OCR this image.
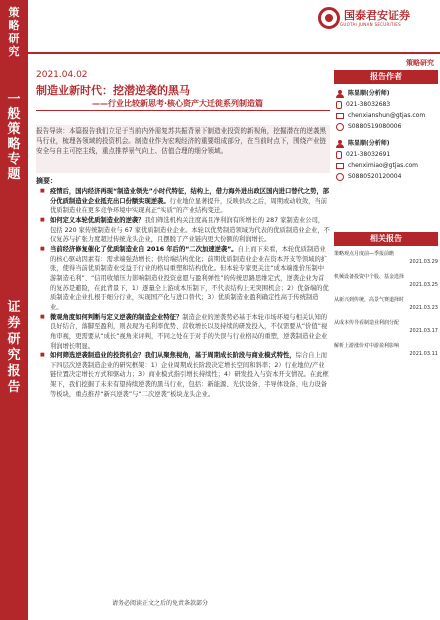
策略研究
一般策略专题
证券研究报告
国泰君安证券
GUOTAI JUNAN SECURITIES
策略研究
2021.04.02
制造业新时代：挖潜逆袭的黑马
——行业比较新思考·核心资产大迁徙系列制造篇
报告导读：本篇报告我们立足于当前内外需复苏共振背景下制造业投资的新视角，挖掘潜在的逆袭黑马行业，梳理各领域的投资机会。制造业作为宏观经济的重要组成部分，在当前时点下，围绕产业链安全与自主可控主线，重点推荐景气向上、估值合理的细分领域。
摘要：
■ 疫情后，国内经济再现“制造业领先”小时代特征，结构上，借力海外进出政区国内进口替代之势，部分优质制造业企业抵充出口份额实现逆袭。行业地位显著提升，反映供改之后，周期或动收敛，当前优质制造业在更多竞争环境中实现真正“实质”的产业结构变迁。
■ 如何定义本轮优质制造业的逆袭？我们筛选机构关注度高且净利润有所增长的 287 家制造业公司，包括 220 家传统制造业与 67 家优质制造业企业。本轮以优势制造领域为代表的优质制造业企业，不仅复苏与扩张力度超过传统龙头企业，且摆脱了产业链内更大份额的利润增长。
■ 当前经济修复催化了优质制造业自 2016 年后的“二次加速逆袭”。自上而下来看，本轮优质制造业的核心驱动因素有：需求端强劲增长；供给端结构优化；前期优质制造业企业在资本开支等领域的扩张，使得当前优质制造业受益于行业的格局重塑和结构优化。但本轮专家更关注“成本端涨价压制中游制造毛利”、“信用收缩压力影响制造业投资意愿与盈利弹性”的传统思路思维定式，逆袭企业为首的复苏是避险，在此背景下，1）逐量全上游成本压制下，不代表结构上无突围机会；2）优备端的优质制造业企业扎根于细分行业，实现国产化与进口替代；3）优质制造业盈利确定性高于传统制造业。
■ 微观角度如何判断与定义逆袭的制造企业特征？制造企业的逆袭势必基于本轮市场环境与相关认知的良好结合，落脚至盈利，则表现为毛利率优势、营收增长以及持续的研发投入，不仅需要从“价值”视角审视，更需要从“成长”视角来评判，不同之处在于对手的失误与行业格局的重塑，逆袭制造业企业利润增长明显。
■ 如何筛选逆袭制造业的投资机会？我们从聚焦视角，基于周期成长阶段与商业模式特性，综合自上而下四层次逆袭制造企业的研究框架：1）企业周期成长阶段决定增长空间和斜率；2）行业地位/产业链位置决定增长方式和驱动力；3）商业模式指引增长持续性；4）研发投入与资本开支情况。在此框架下，我们挖掘了未来有望持续逆袭的黑马行业，包括：新能源、光伏设备、半导体设备、电力设备等板块，重点推荐“新兴逆袭”与“二次逆袭”板块龙头企业。
请务必阅读正文之后的免责条款部分
报告作者
陈显顺(分析师)
021-38032683
chenxianshun@gtjas.com
S0880519080006
陈显顺(分析师)
021-38032691
chenximiao@gtjas.com
S0880520120004
相关报告
策略观点月度前—季报前瞻
2021.03.29
机械设备投资中个股、基金选择
2021.03.25
从新兴到传统，高景气赛道择时
2021.03.23
从成本传导看制造业利润分配
2021.03.17
解析上游涨价对中游盈利影响
2021.03.11
